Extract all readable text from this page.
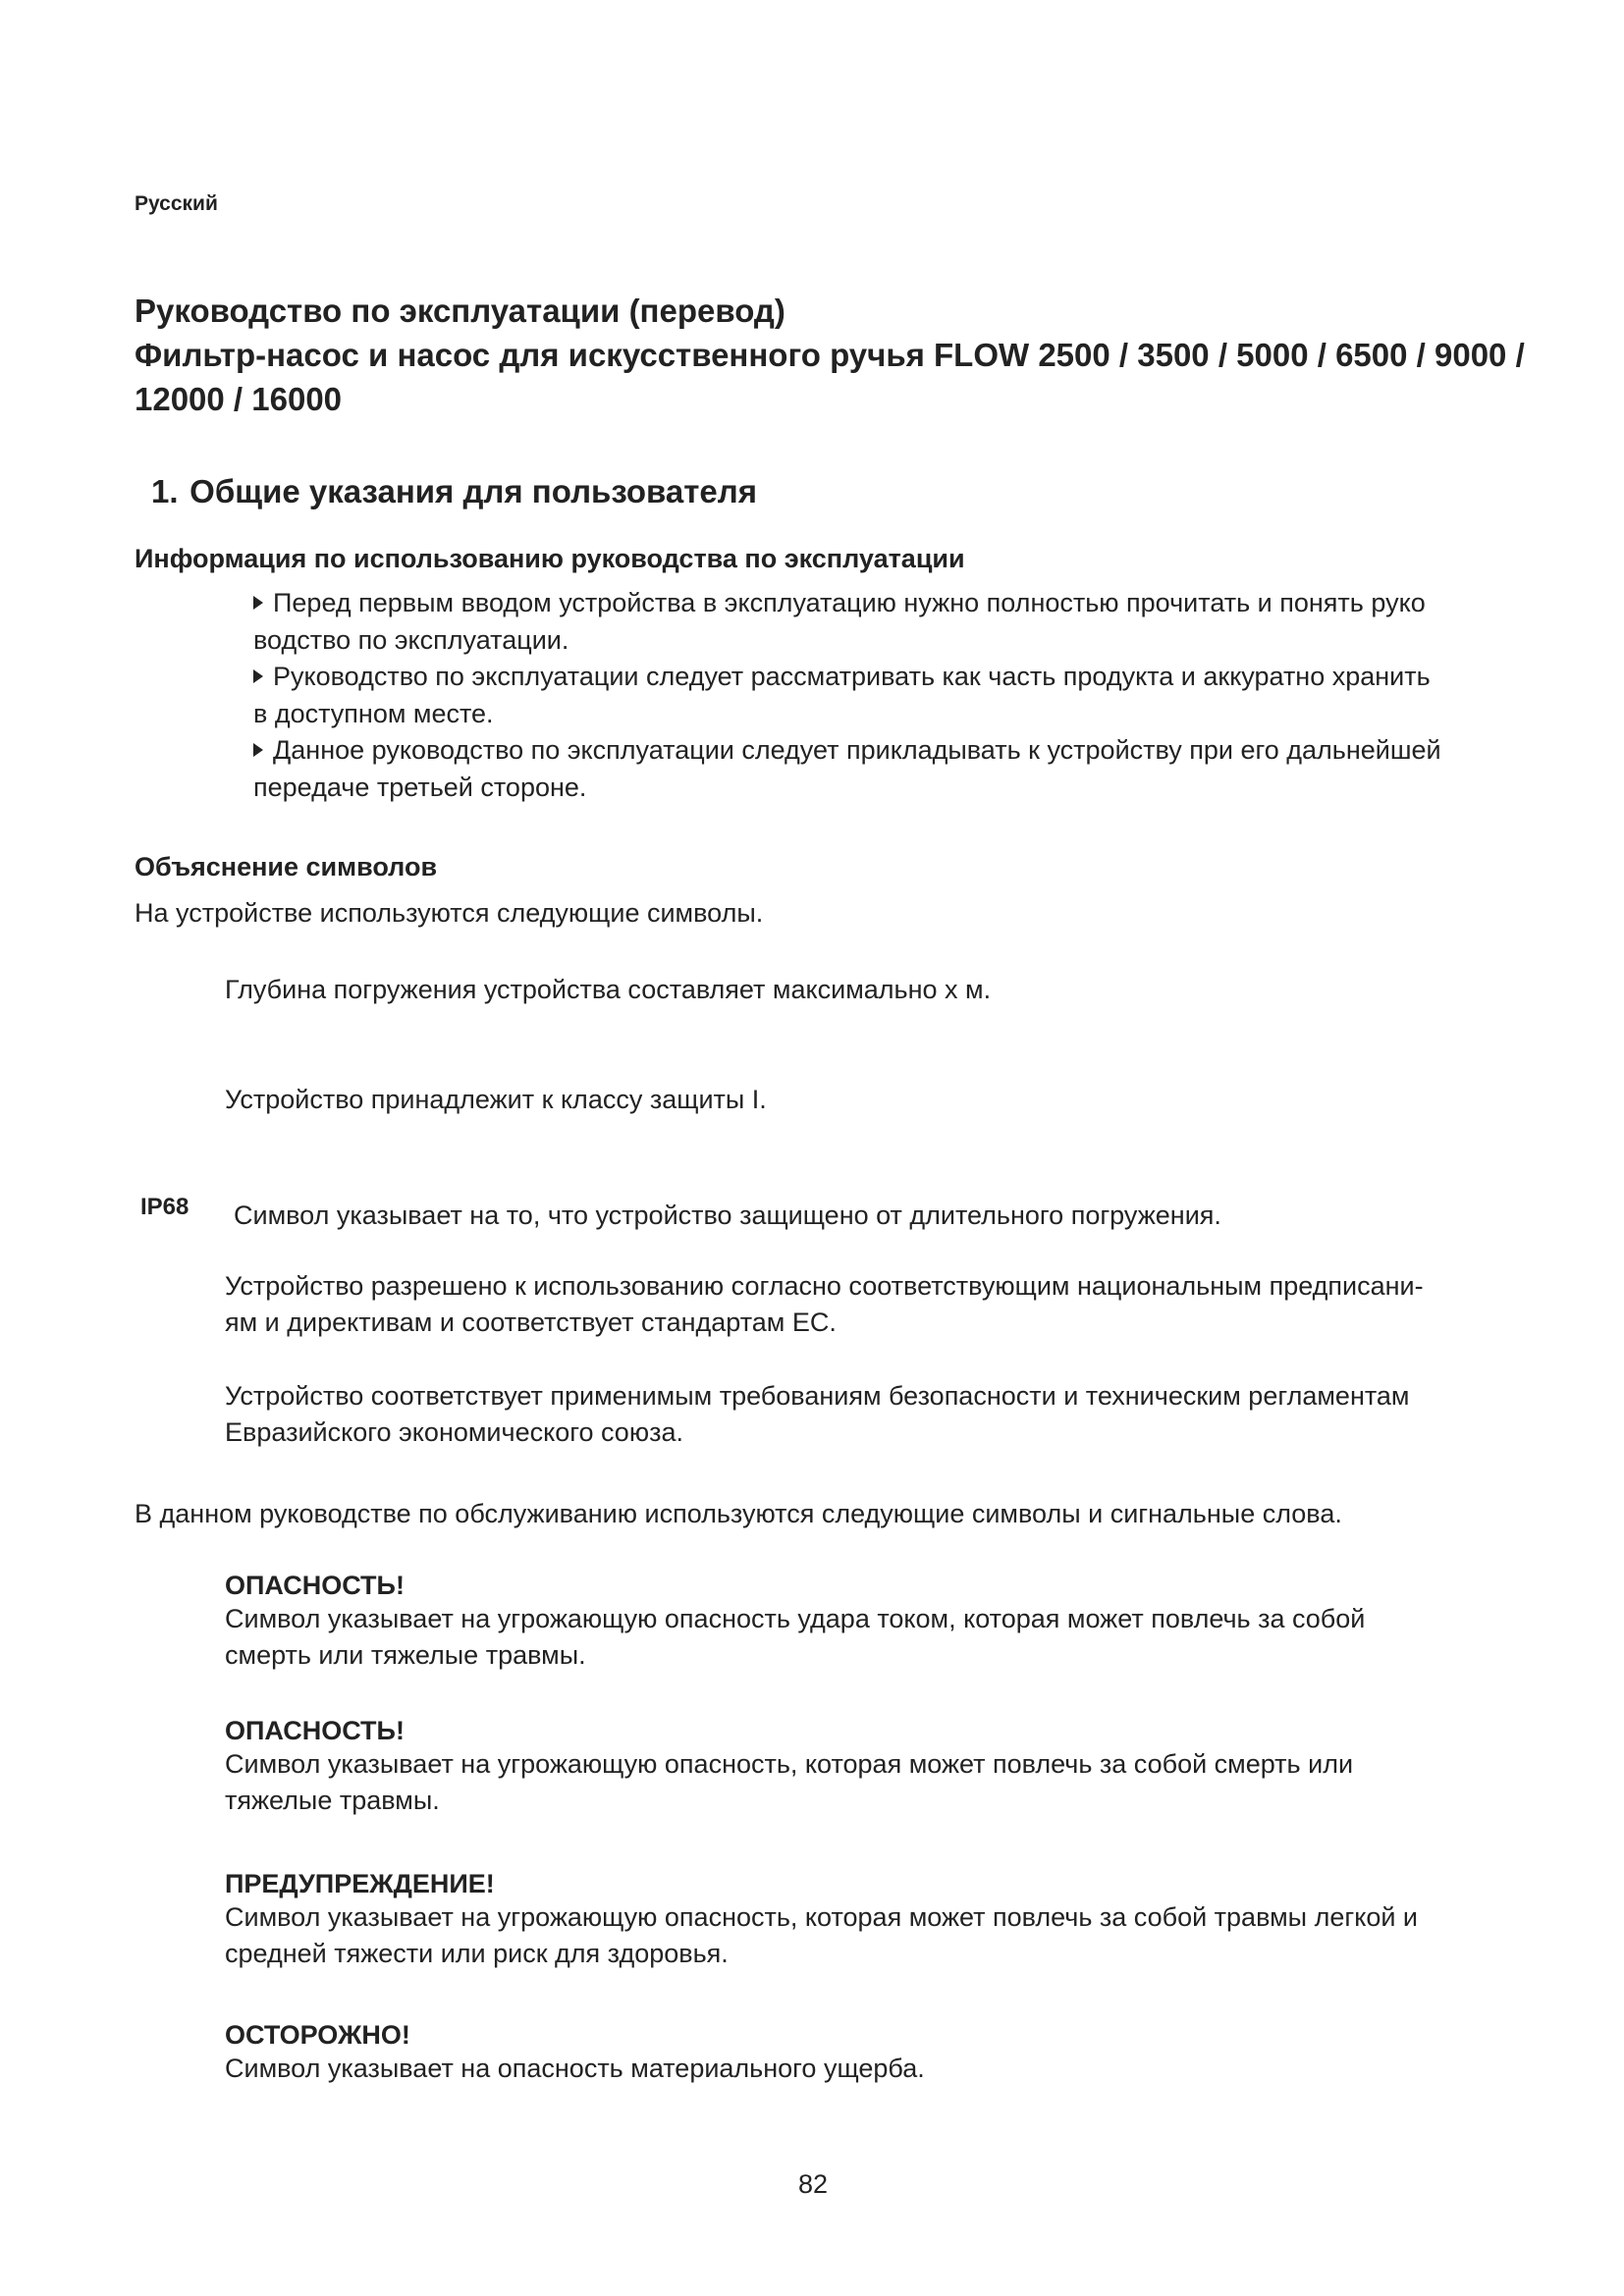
Русский
Руководство по эксплуатации (перевод)
Фильтр-насос и насос для искусственного ручья FLOW 2500 / 3500 / 5000 / 6500 / 9000 /
12000 / 16000
1. Общие указания для пользователя
Информация по использованию руководства по эксплуатации
Перед первым вводом устройства в эксплуатацию нужно полностью прочитать и понять руко
водство по эксплуатации.
Руководство по эксплуатации следует рассматривать как часть продукта и аккуратно хранить
в доступном месте.
Данное руководство по эксплуатации следует прикладывать к устройству при его дальнейшей
передаче третьей стороне.
Объяснение символов
На устройстве используются следующие символы.
Глубина погружения устройства составляет максимально х м.
Устройство принадлежит к классу защиты I.
IP68 Символ указывает на то, что устройство защищено от длительного погружения.
Устройство разрешено к использованию согласно соответствующим национальным предписани-
ям и директивам и соответствует стандартам ЕС.
Устройство соответствует применимым требованиям безопасности и техническим регламентам
Евразийского экономического союза.
В данном руководстве по обслуживанию используются следующие символы и сигнальные слова.
ОПАСНОСТЬ!
Символ указывает на угрожающую опасность удара током, которая может повлечь за собой
смерть или тяжелые травмы.
ОПАСНОСТЬ!
Символ указывает на угрожающую опасность, которая может повлечь за собой смерть или
тяжелые травмы.
ПРЕДУПРЕЖДЕНИЕ!
Символ указывает на угрожающую опасность, которая может повлечь за собой травмы легкой и
средней тяжести или риск для здоровья.
ОСТОРОЖНО!
Символ указывает на опасность материального ущерба.
82
